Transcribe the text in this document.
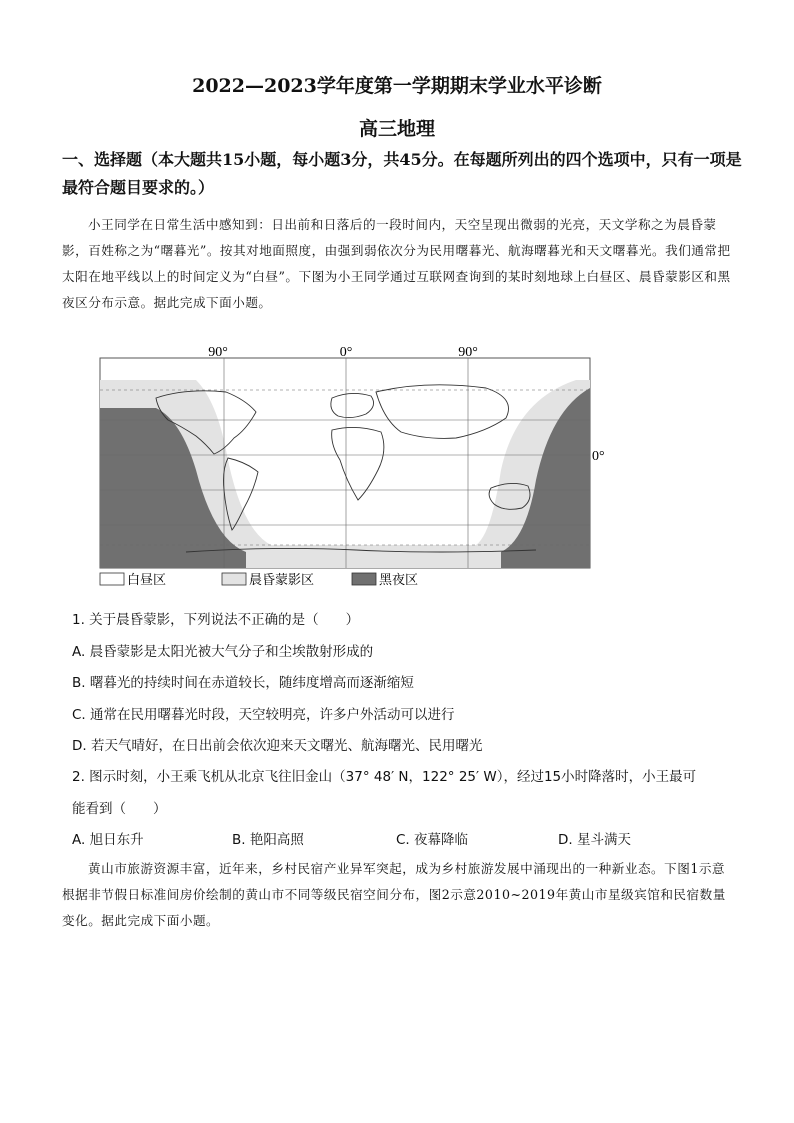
2022—2023学年度第一学期期末学业水平诊断
高三地理
一、选择题（本大题共15小题，每小题3分，共45分。在每题所列出的四个选项中，只有一项是最符合题目要求的。）
小王同学在日常生活中感知到：日出前和日落后的一段时间内，天空呈现出微弱的光亮，天文学称之为晨昏蒙影，百姓称之为“曙暮光”。按其对地面照度，由强到弱依次分为民用曙暮光、航海曙暮光和天文曙暮光。我们通常把太阳在地平线以上的时间定义为“白昼”。下图为小王同学通过互联网查询到的某时刻地球上白昼区、晨昏蒙影区和黑夜区分布示意。据此完成下面小题。
90°	0°	90°
0°
白昼区	晨昏蒙影区	黑夜区
1. 关于晨昏蒙影，下列说法不正确的是（　　）
A. 晨昏蒙影是太阳光被大气分子和尘埃散射形成的
B. 曙暮光的持续时间在赤道较长，随纬度增高而逐渐缩短
C. 通常在民用曙暮光时段，天空较明亮，许多户外活动可以进行
D. 若天气晴好，在日出前会依次迎来天文曙光、航海曙光、民用曙光
2. 图示时刻，小王乘飞机从北京飞往旧金山（37° 48′ N，122° 25′ W），经过15小时降落时，小王最可
能看到（　　）
A. 旭日东升	B. 艳阳高照	C. 夜幕降临	D. 星斗满天
黄山市旅游资源丰富，近年来，乡村民宿产业异军突起，成为乡村旅游发展中涌现出的一种新业态。下图1示意根据非节假日标准间房价绘制的黄山市不同等级民宿空间分布，图2示意2010~2019年黄山市星级宾馆和民宿数量变化。据此完成下面小题。
